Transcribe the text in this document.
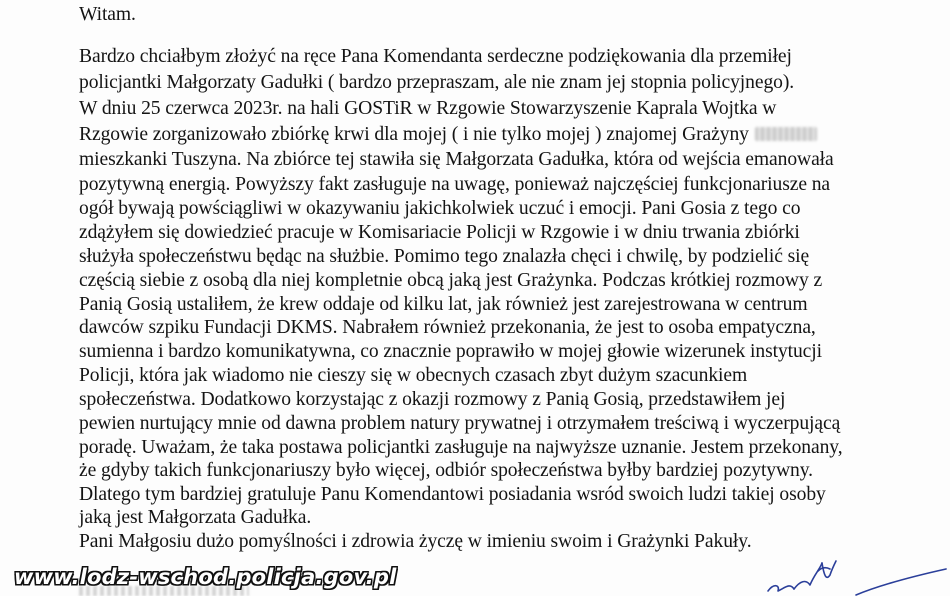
Witam.
Bardzo chciałbym złożyć na ręce Pana Komendanta serdeczne podziękowania dla przemiłej
policjantki Małgorzaty Gadułki ( bardzo przepraszam, ale nie znam jej stopnia policyjnego).
W dniu 25 czerwca 2023r. na hali GOSTiR w Rzgowie Stowarzyszenie Kaprala Wojtka w
Rzgowie zorganizowało zbiórkę krwi dla mojej ( i nie tylko mojej ) znajomej Grażyny
mieszkanki Tuszyna. Na zbiórce tej stawiła się Małgorzata Gadułka, która od wejścia emanowała
pozytywną energią. Powyższy fakt zasługuje na uwagę, ponieważ najczęściej funkcjonariusze na
ogół bywają powściągliwi w okazywaniu jakichkolwiek uczuć i emocji. Pani Gosia z tego co
zdążyłem się dowiedzieć pracuje w Komisariacie Policji w Rzgowie i w dniu trwania zbiórki
służyła społeczeństwu będąc na służbie. Pomimo tego znalazła chęci i chwilę, by podzielić się
częścią siebie z osobą dla niej kompletnie obcą jaką jest Grażynka. Podczas krótkiej rozmowy z
Panią Gosią ustaliłem, że krew oddaje od kilku lat, jak również jest zarejestrowana w centrum
dawców szpiku Fundacji DKMS. Nabrałem również przekonania, że jest to osoba empatyczna,
sumienna i bardzo komunikatywna, co znacznie poprawiło w mojej głowie wizerunek instytucji
Policji, która jak wiadomo nie cieszy się w obecnych czasach zbyt dużym szacunkiem
społeczeństwa. Dodatkowo korzystając z okazji rozmowy z Panią Gosią, przedstawiłem jej
pewien nurtujący mnie od dawna problem natury prywatnej i otrzymałem treściwą i wyczerpującą
poradę. Uważam, że taka postawa policjantki zasługuje na najwyższe uznanie. Jestem przekonany,
że gdyby takich funkcjonariuszy było więcej, odbiór społeczeństwa byłby bardziej pozytywny.
Dlatego tym bardziej gratuluje Panu Komendantowi posiadania wsród swoich ludzi takiej osoby
jaką jest Małgorzata Gadułka.
Pani Małgosiu dużo pomyślności i zdrowia życzę w imieniu swoim i Grażynki Pakuły.
www.lodz-wschod.policja.gov.pl
